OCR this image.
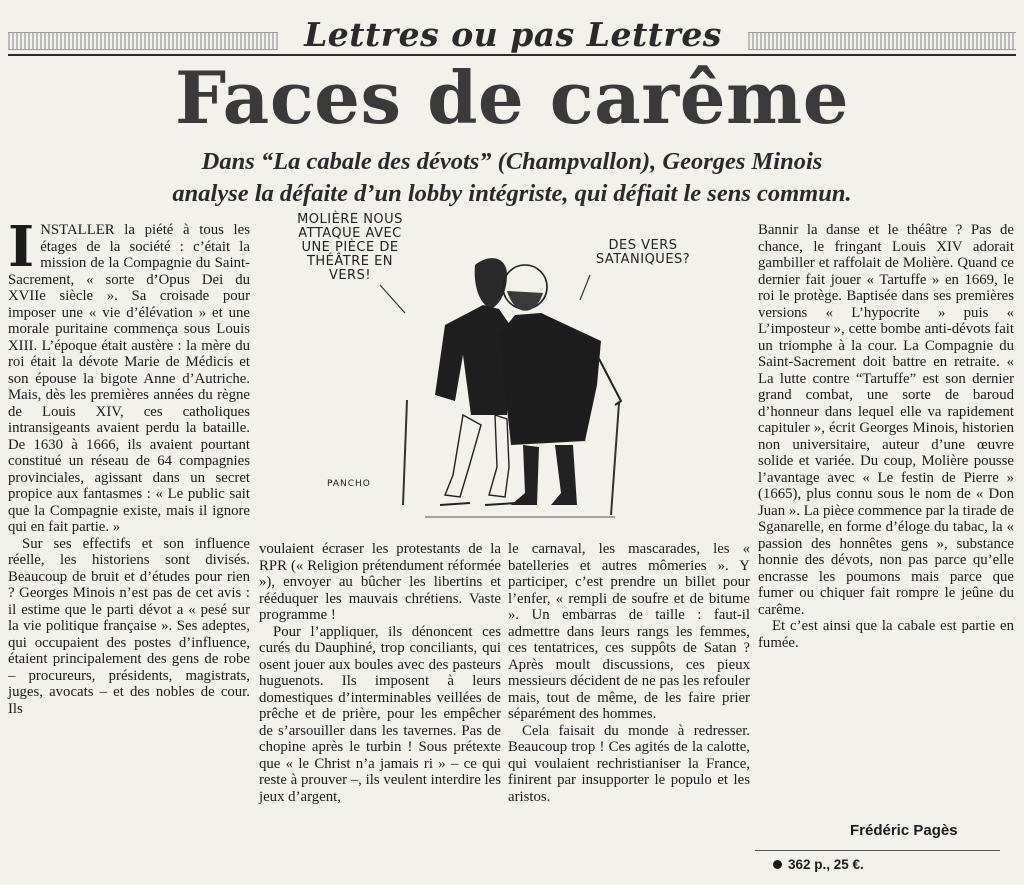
Lettres ou pas Lettres
Faces de carême
Dans “La cabale des dévots” (Champvallon), Georges Minois
analyse la défaite d’un lobby intégriste, qui défiait le sens commun.
MOLIÈRE NOUS ATTAQUE AVEC UNE PIÈCE DE THÉÂTRE EN VERS!
DES VERS SATANIQUES?
PANCHO

INSTALLER la piété à tous les étages de la société : c’était la mission de la Compagnie du Saint-Sacrement, « sorte d’Opus Dei du XVIIe siècle ». Sa croisade pour imposer une « vie d’élévation » et une morale puritaine commença sous Louis XIII. L’époque était austère : la mère du roi était la dévote Marie de Médicis et son épouse la bigote Anne d’Autriche. Mais, dès les premières années du règne de Louis XIV, ces catholiques intransigeants avaient perdu la bataille. De 1630 à 1666, ils avaient pourtant constitué un réseau de 64 compagnies provinciales, agissant dans un secret propice aux fantasmes : « Le public sait que la Compagnie existe, mais il ignore qui en fait partie. »

Sur ses effectifs et son influence réelle, les historiens sont divisés. Beaucoup de bruit et d’études pour rien ? Georges Minois n’est pas de cet avis : il estime que le parti dévot a « pesé sur la vie politique française ». Ses adeptes, qui occupaient des postes d’influence, étaient principalement des gens de robe – procureurs, présidents, magistrats, juges, avocats – et des nobles de cour. Ils

voulaient écraser les protestants de la RPR (« Religion prétendument réformée »), envoyer au bûcher les libertins et rééduquer les mauvais chrétiens. Vaste programme !

Pour l’appliquer, ils dénoncent ces curés du Dauphiné, trop conciliants, qui osent jouer aux boules avec des pasteurs huguenots. Ils imposent à leurs domestiques d’interminables veillées de prêche et de prière, pour les empêcher de s’arsouiller dans les tavernes. Pas de chopine après le turbin ! Sous prétexte que « le Christ n’a jamais ri » – ce qui reste à prouver –, ils veulent interdire les jeux d’argent,

le carnaval, les mascarades, les « batelleries et autres mômeries ». Y participer, c’est prendre un billet pour l’enfer, « rempli de soufre et de bitume ». Un embarras de taille : faut-il admettre dans leurs rangs les femmes, ces tentatrices, ces suppôts de Satan ? Après moult discussions, ces pieux messieurs décident de ne pas les refouler mais, tout de même, de les faire prier séparément des hommes.

Cela faisait du monde à redresser. Beaucoup trop ! Ces agités de la calotte, qui voulaient rechristianiser la France, finirent par insupporter le populo et les aristos.

Bannir la danse et le théâtre ? Pas de chance, le fringant Louis XIV adorait gambiller et raffolait de Molière. Quand ce dernier fait jouer « Tartuffe » en 1669, le roi le protège. Baptisée dans ses premières versions « L’hypocrite » puis « L’imposteur », cette bombe anti-dévots fait un triomphe à la cour. La Compagnie du Saint-Sacrement doit battre en retraite. « La lutte contre “Tartuffe” est son dernier grand combat, une sorte de baroud d’honneur dans lequel elle va rapidement capituler », écrit Georges Minois, historien non universitaire, auteur d’une œuvre solide et variée. Du coup, Molière pousse l’avantage avec « Le festin de Pierre » (1665), plus connu sous le nom de « Don Juan ». La pièce commence par la tirade de Sganarelle, en forme d’éloge du tabac, la « passion des honnêtes gens », substance honnie des dévots, non pas parce qu’elle encrasse les poumons mais parce que fumer ou chiquer fait rompre le jeûne du carême.

Et c’est ainsi que la cabale est partie en fumée.

Frédéric Pagès
362 p., 25 €.
